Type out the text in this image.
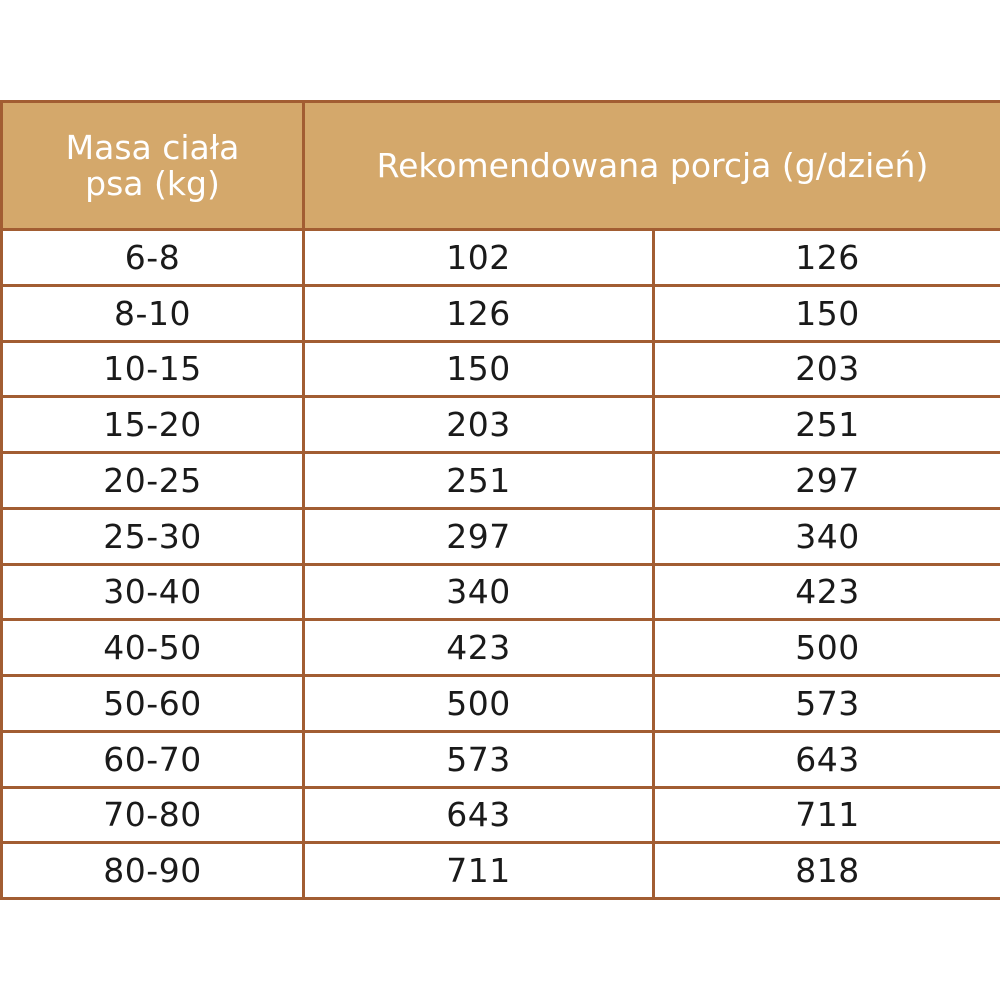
Masa ciała psa (kg)	Rekomendowana porcja (g/dzień)	
6-8	102	126
8-10	126	150
10-15	150	203
15-20	203	251
20-25	251	297
25-30	297	340
30-40	340	423
40-50	423	500
50-60	500	573
60-70	573	643
70-80	643	711
80-90	711	818
